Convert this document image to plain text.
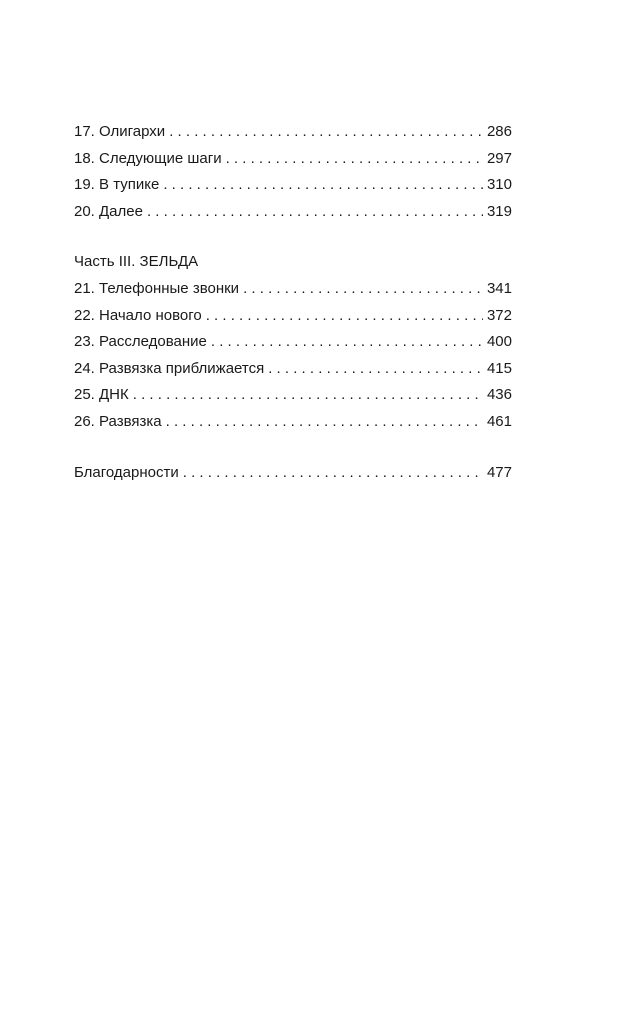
17. Олигархи . . .	286
18. Следующие шаги . . .	297
19. В тупике . . .	310
20. Далее . . .	319
Часть III. ЗЕЛЬДА
21. Телефонные звонки . . .	341
22. Начало нового . . .	372
23. Расследование . . .	400
24. Развязка приближается . . .	415
25. ДНК . . .	436
26. Развязка . . .	461
Благодарности . . .	477
